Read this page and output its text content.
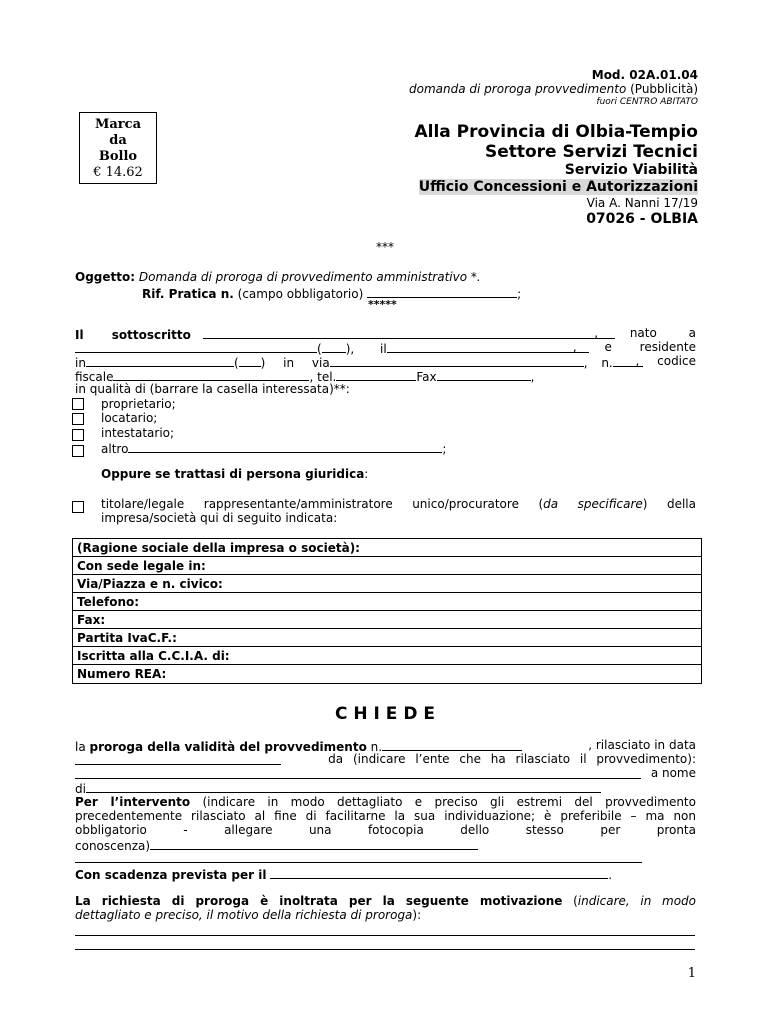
Mod. 02A.01.04
domanda di proroga provvedimento (Pubblicità)
fuori CENTRO ABITATO
Marca
da
Bollo
€ 14.62
Alla Provincia di Olbia-Tempio
Settore Servizi Tecnici
Servizio Viabilità
Ufficio Concessioni e Autorizzazioni
Via A. Nanni 17/19
07026 - OLBIA
***
Oggetto: Domanda di proroga di provvedimento amministrativo *.
Rif. Pratica n. (campo obbligatorio)	;
*****
Il sottoscritto	, nato a
( ), il	, e residente
in	( ) in via	, n. , codice
fiscale	, tel.	Fax	,
in qualità di (barrare la casella interessata)**:
proprietario;
locatario;
intestatario;
altro	;
Oppure se trattasi di persona giuridica:
titolare/legale rappresentante/amministratore unico/procuratore (da specificare) della
impresa/società qui di seguito indicata:
(Ragione sociale della impresa o società):
Con sede legale in:
Via/Piazza e n. civico:
Telefono:
Fax:
Partita IvaC.F.:
Iscritta alla C.C.I.A. di:
Numero REA:
C H I E D E
la proroga della validità del provvedimento n.	, rilasciato in data
da (indicare l’ente che ha rilasciato il provvedimento):
a nome
di
Per l’intervento (indicare in modo dettagliato e preciso gli estremi del provvedimento
precedentemente rilasciato al fine di facilitarne la sua individuazione; è preferibile – ma non
obbligatorio - allegare una fotocopia dello stesso per pronta
conoscenza)
Con scadenza prevista per il	.
La richiesta di proroga è inoltrata per la seguente motivazione (indicare, in modo
dettagliato e preciso, il motivo della richiesta di proroga):
1
